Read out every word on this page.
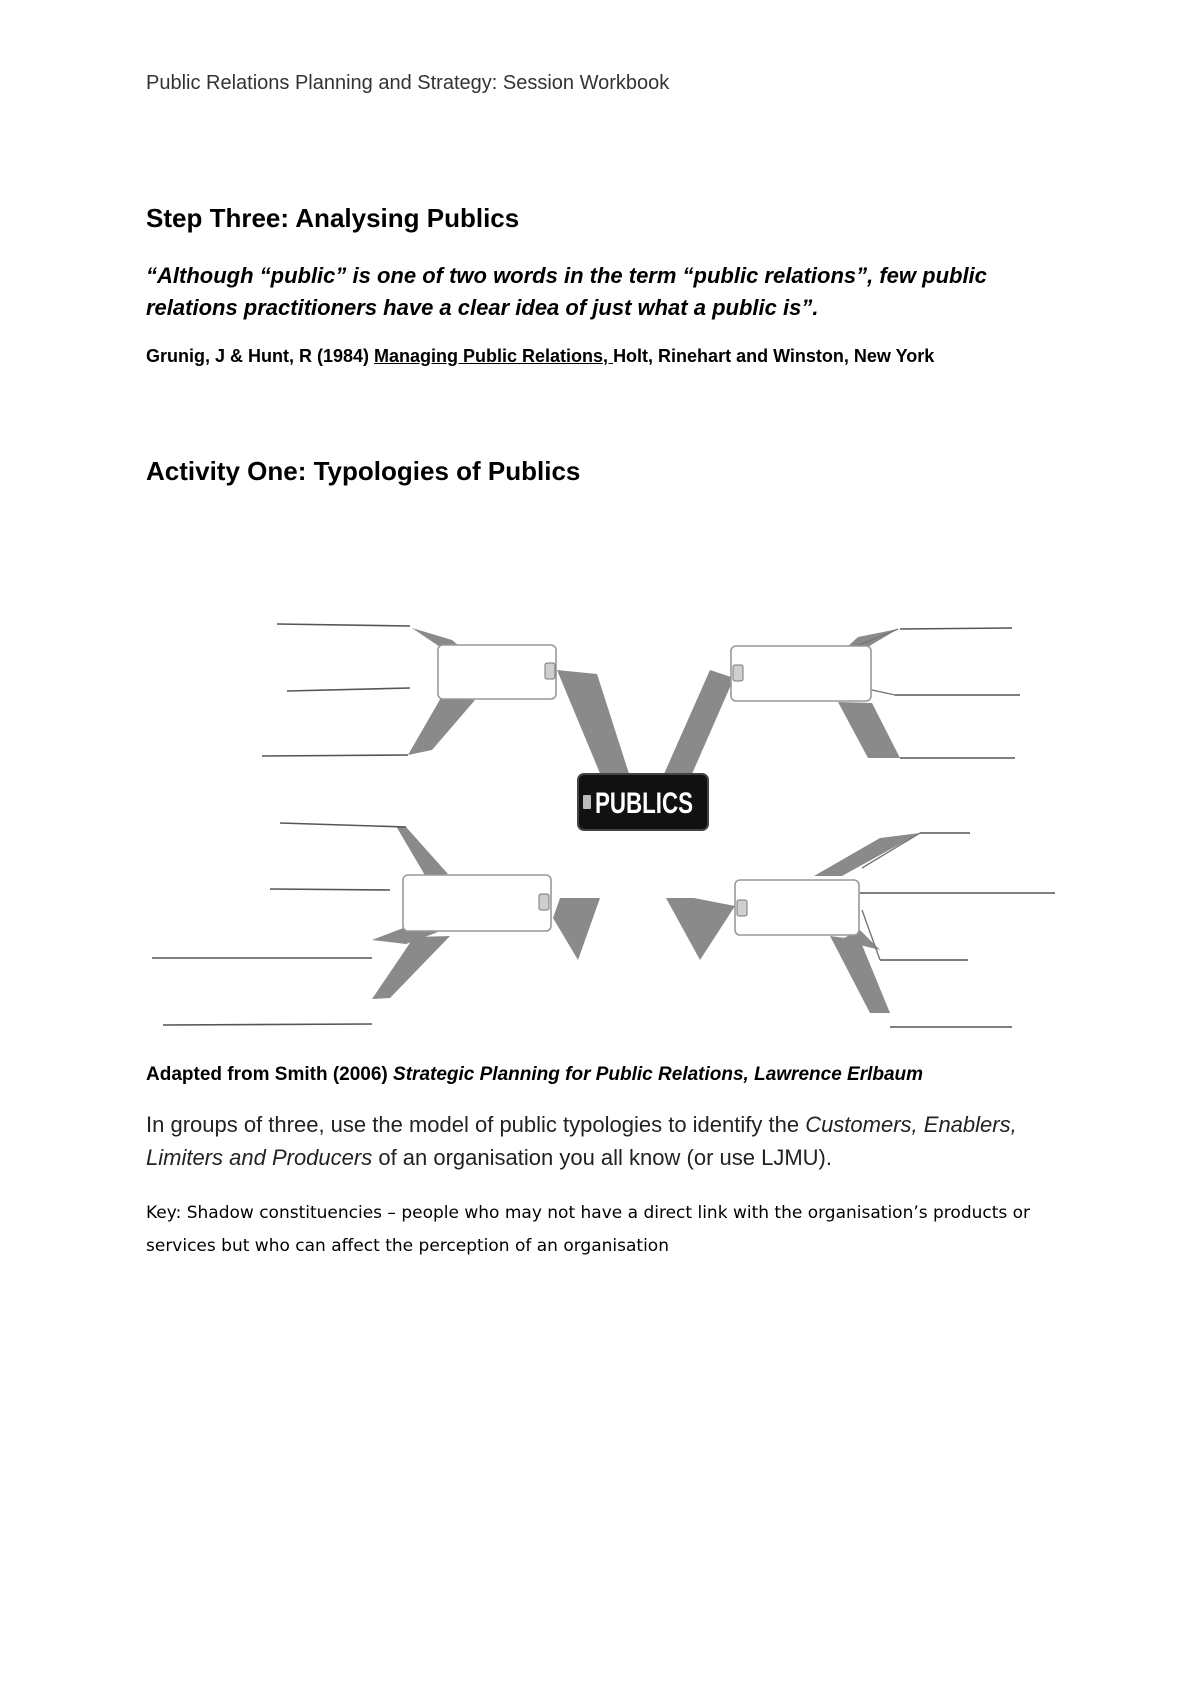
Public Relations Planning and Strategy: Session Workbook
Step Three: Analysing Publics
“Although “public” is one of two words in the term “public relations”, few public relations practitioners have a clear idea of just what a public is”.
Grunig, J & Hunt, R (1984) Managing Public Relations, Holt, Rinehart and Winston, New York
Activity One: Typologies of Publics
PUBLICS
Adapted from Smith (2006) Strategic Planning for Public Relations, Lawrence Erlbaum
In groups of three, use the model of public typologies to identify the Customers, Enablers, Limiters and Producers of an organisation you all know (or use LJMU).
Key: Shadow constituencies – people who may not have a direct link with the organisation’s products or services but who can affect the perception of an organisation
